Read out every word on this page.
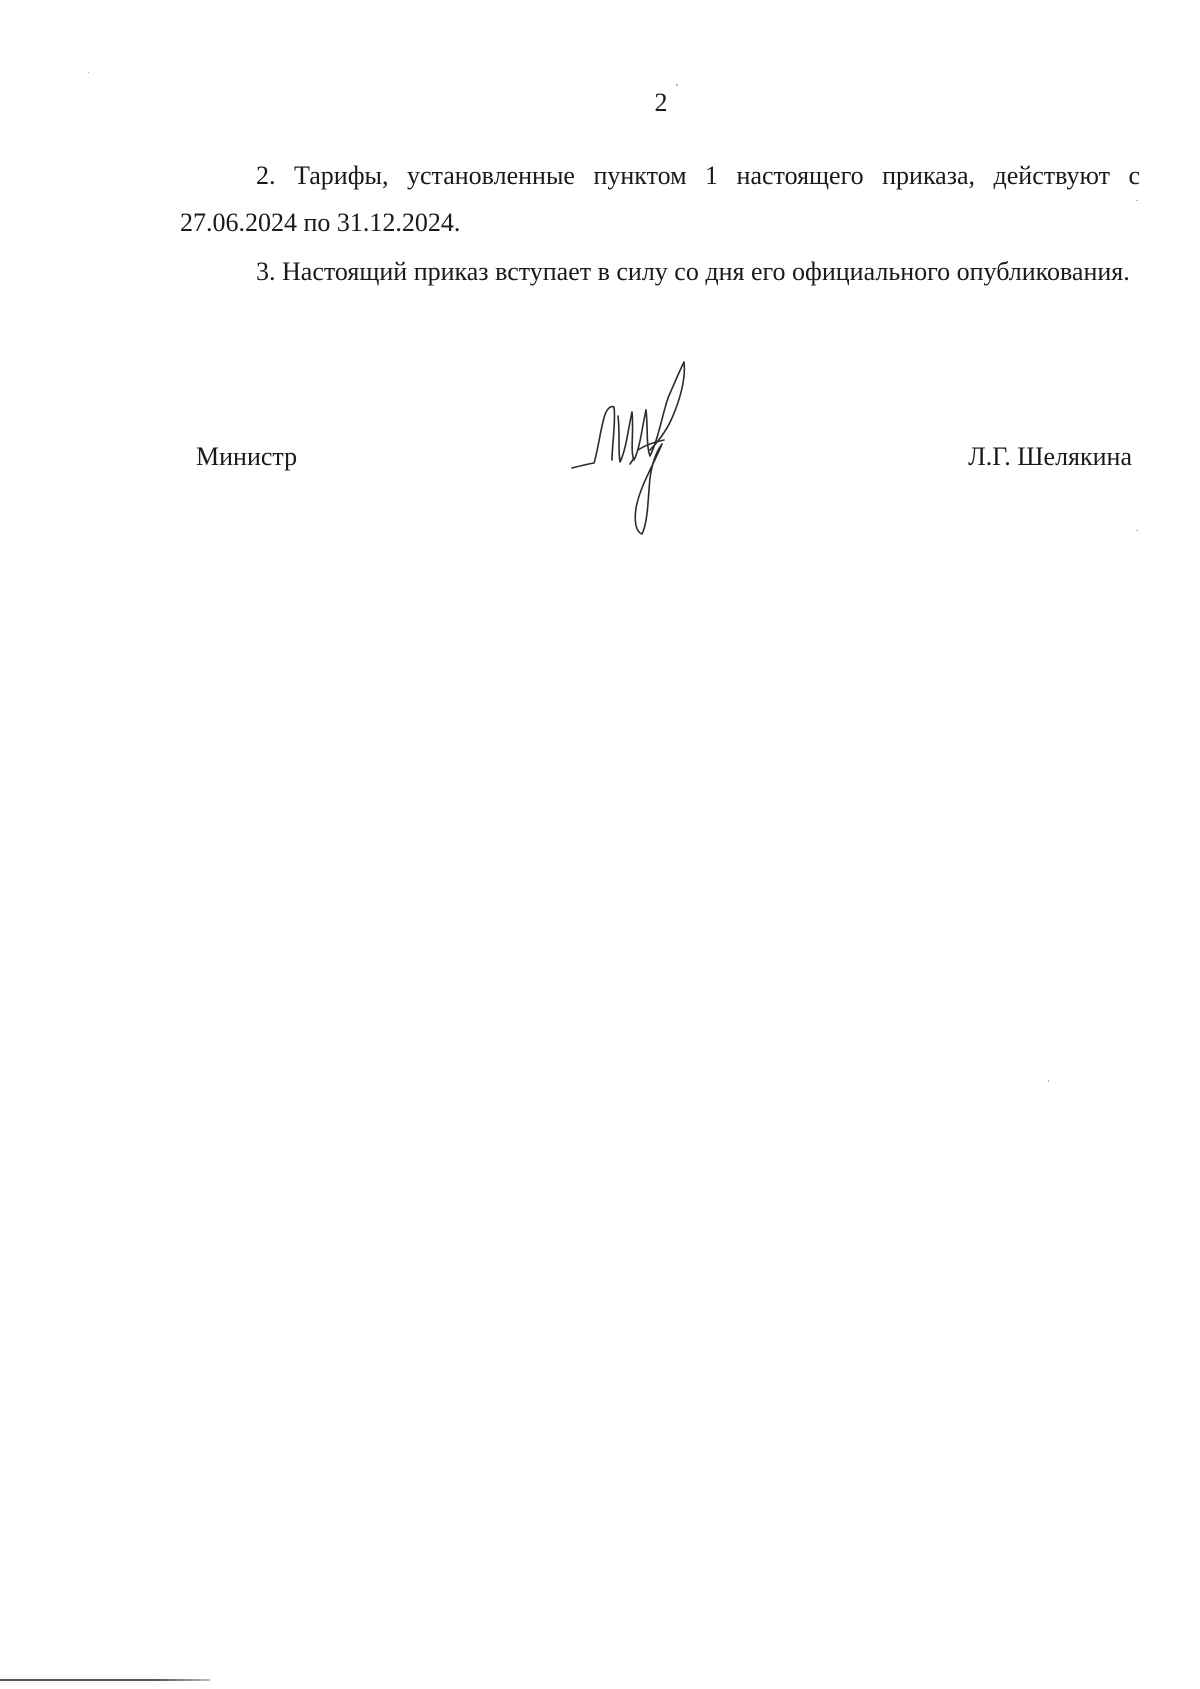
2

2. Тарифы, установленные пунктом 1 настоящего приказа, действуют с 27.06.2024 по 31.12.2024.

3. Настоящий приказ вступает в силу со дня его официального опубликования.

Министр	Л.Г. Шелякина
